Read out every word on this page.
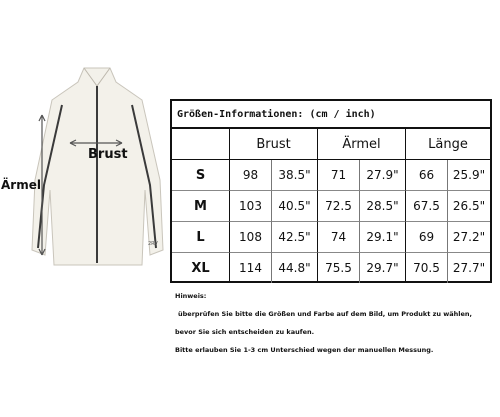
2RV
Brust
Ärmel
Größen-Informationen: (cm / inch)
Brust	Ärmel	Länge
S	98	38.5"	71	27.9"	66	25.9"
M	103	40.5"	72.5	28.5"	67.5	26.5"
L	108	42.5"	74	29.1"	69	27.2"
XL	114	44.8"	75.5	29.7"	70.5	27.7"
Hinweis:
überprüfen Sie bitte die Größen und Farbe auf dem Bild, um Produkt zu wählen,
bevor Sie sich entscheiden zu kaufen.
Bitte erlauben Sie 1-3 cm Unterschied wegen der manuellen Messung.
